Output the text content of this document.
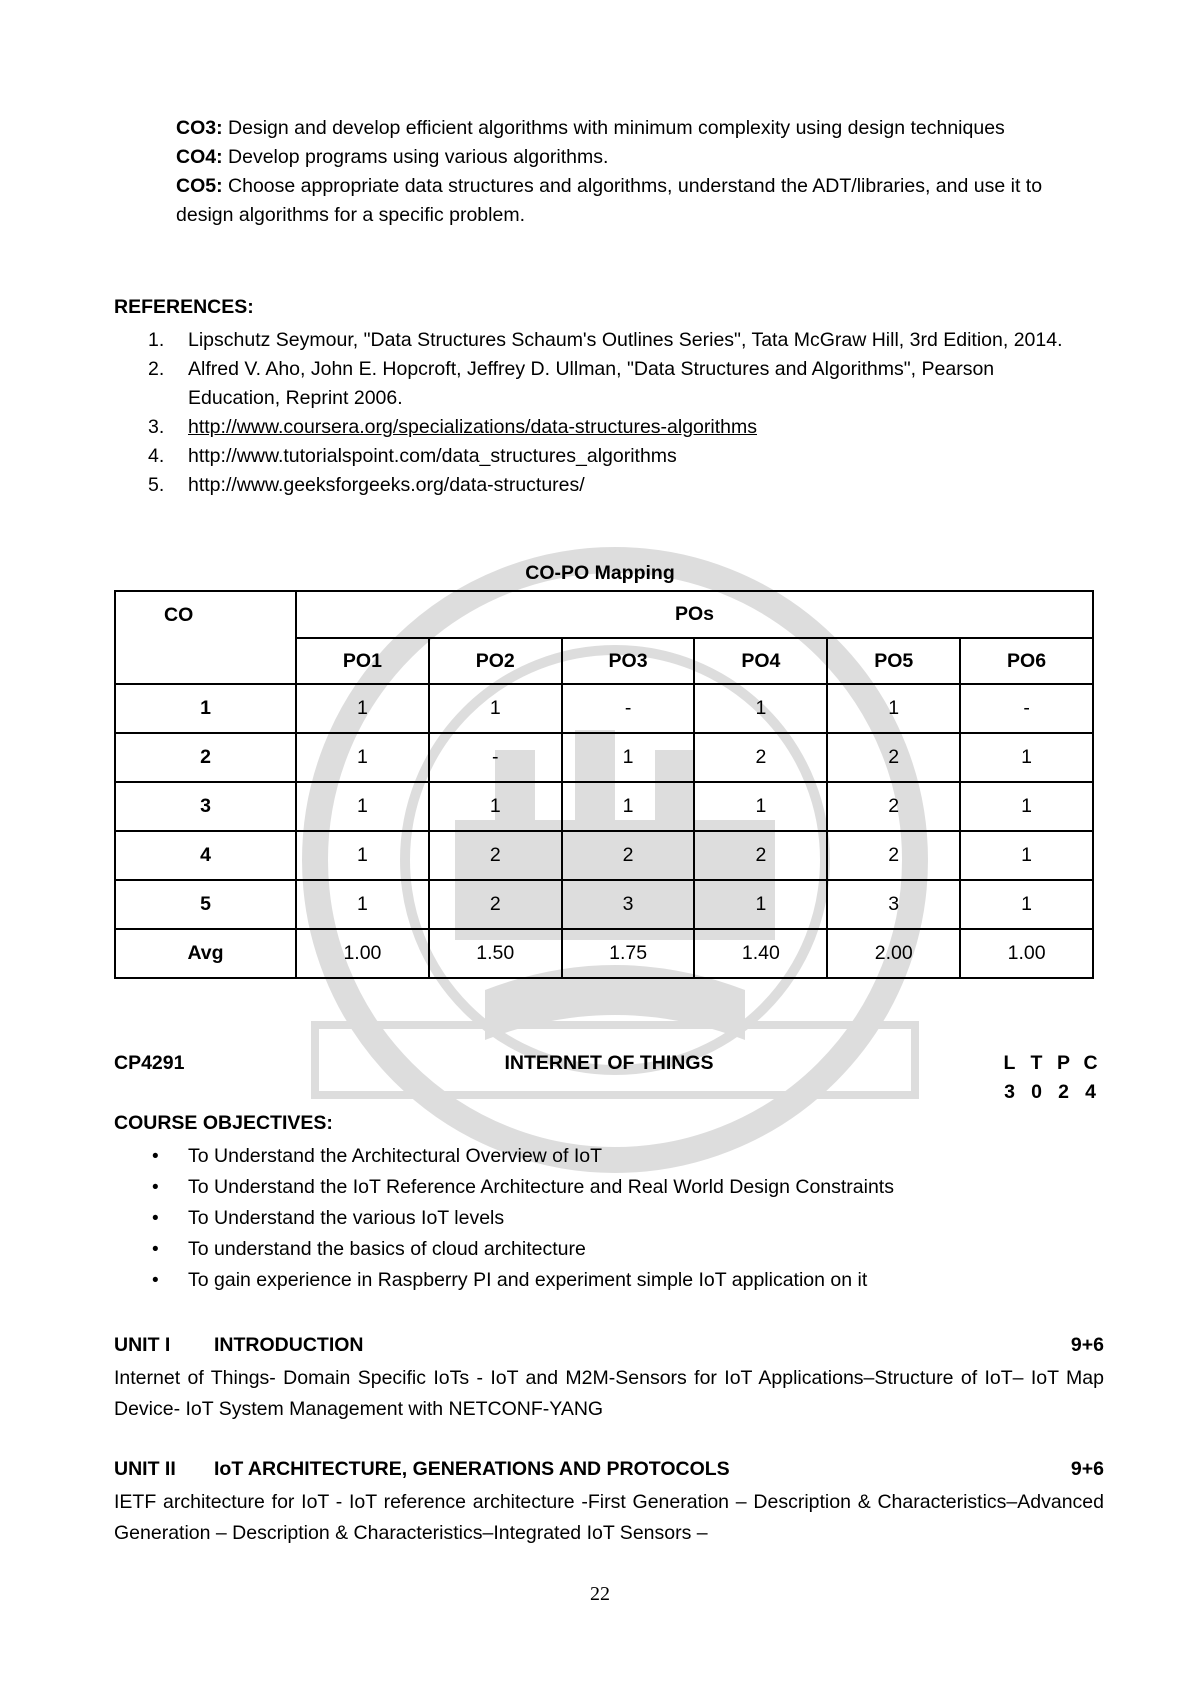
CO3: Design and develop efficient algorithms with minimum complexity using design techniques

CO4: Develop programs using various algorithms.

CO5: Choose appropriate data structures and algorithms, understand the ADT/libraries, and use it to design algorithms for a specific problem.

REFERENCES:
1. Lipschutz Seymour, "Data Structures Schaum's Outlines Series", Tata McGraw Hill, 3rd Edition, 2014.
2. Alfred V. Aho, John E. Hopcroft, Jeffrey D. Ullman, "Data Structures and Algorithms", Pearson Education, Reprint 2006.
3. http://www.coursera.org/specializations/data-structures-algorithms
4. http://www.tutorialspoint.com/data_structures_algorithms
5. http://www.geeksforgeeks.org/data-structures/
CO-PO Mapping
CO	POs					
	PO1	PO2	PO3	PO4	PO5	PO6
1	1	1	-	1	1	-
2	1	-	1	2	2	1
3	1	1	1	1	2	1
4	1	2	2	2	2	1
5	1	2	3	1	3	1
Avg	1.00	1.50	1.75	1.40	2.00	1.00
CP4291	INTERNET OF THINGS	L T P C
3 0 2 4
COURSE OBJECTIVES:
• To Understand the Architectural Overview of IoT
• To Understand the IoT Reference Architecture and Real World Design Constraints
• To Understand the various IoT levels
• To understand the basics of cloud architecture
• To gain experience in Raspberry PI and experiment simple IoT application on it
UNIT I INTRODUCTION	9+6

Internet of Things- Domain Specific IoTs - IoT and M2M-Sensors for IoT Applications–Structure of IoT– IoT Map Device- IoT System Management with NETCONF-YANG

UNIT II IoT ARCHITECTURE, GENERATIONS AND PROTOCOLS	9+6

IETF architecture for IoT - IoT reference architecture -First Generation – Description & Characteristics–Advanced Generation – Description & Characteristics–Integrated IoT Sensors –

22
